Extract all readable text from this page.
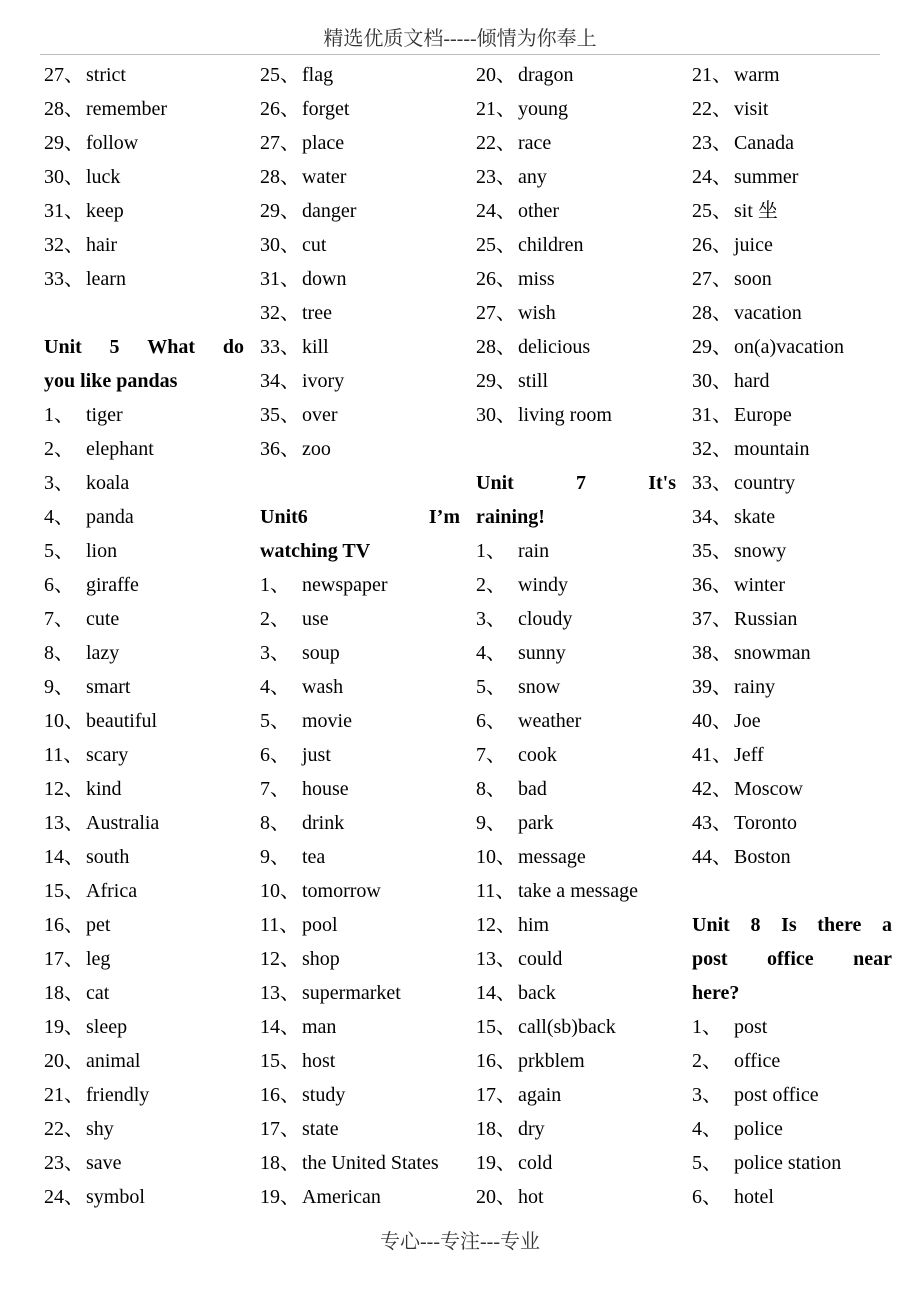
精选优质文档-----倾情为你奉上
27、 strict
28、 remember
29、 follow
30、 luck
31、 keep
32、 hair
33、 learn
Unit 5 What do
you like pandas
1、 tiger
2、 elephant
3、 koala
4、 panda
5、 lion
6、 giraffe
7、 cute
8、 lazy
9、 smart
10、 beautiful
11、 scary
12、 kind
13、 Australia
14、 south
15、 Africa
16、 pet
17、 leg
18、 cat
19、 sleep
20、 animal
21、 friendly
22、 shy
23、 save
24、 symbol
25、 flag
26、 forget
27、 place
28、 water
29、 danger
30、 cut
31、 down
32、 tree
33、 kill
34、 ivory
35、 over
36、 zoo
Unit6	I’m
watching TV
1、 newspaper
2、 use
3、 soup
4、 wash
5、 movie
6、 just
7、 house
8、 drink
9、 tea
10、 tomorrow
11、 pool
12、 shop
13、 supermarket
14、 man
15、 host
16、 study
17、 state
18、 the United States
19、 American
20、 dragon
21、 young
22、 race
23、 any
24、 other
25、 children
26、 miss
27、 wish
28、 delicious
29、 still
30、 living room
Unit	7	It's
raining!
1、 rain
2、 windy
3、 cloudy
4、 sunny
5、 snow
6、 weather
7、 cook
8、 bad
9、 park
10、 message
11、 take a message
12、 him
13、 could
14、 back
15、 call(sb)back
16、 prkblem
17、 again
18、 dry
19、 cold
20、 hot
21、 warm
22、 visit
23、 Canada
24、 summer
25、 sit 坐
26、 juice
27、 soon
28、 vacation
29、 on(a)vacation
30、 hard
31、 Europe
32、 mountain
33、 country
34、 skate
35、 snowy
36、 winter
37、 Russian
38、 snowman
39、 rainy
40、 Joe
41、 Jeff
42、 Moscow
43、 Toronto
44、 Boston
Unit 8 Is there a
post office near
here?
1、 post
2、 office
3、 post office
4、 police
5、 police station
6、 hotel
专心---专注---专业
